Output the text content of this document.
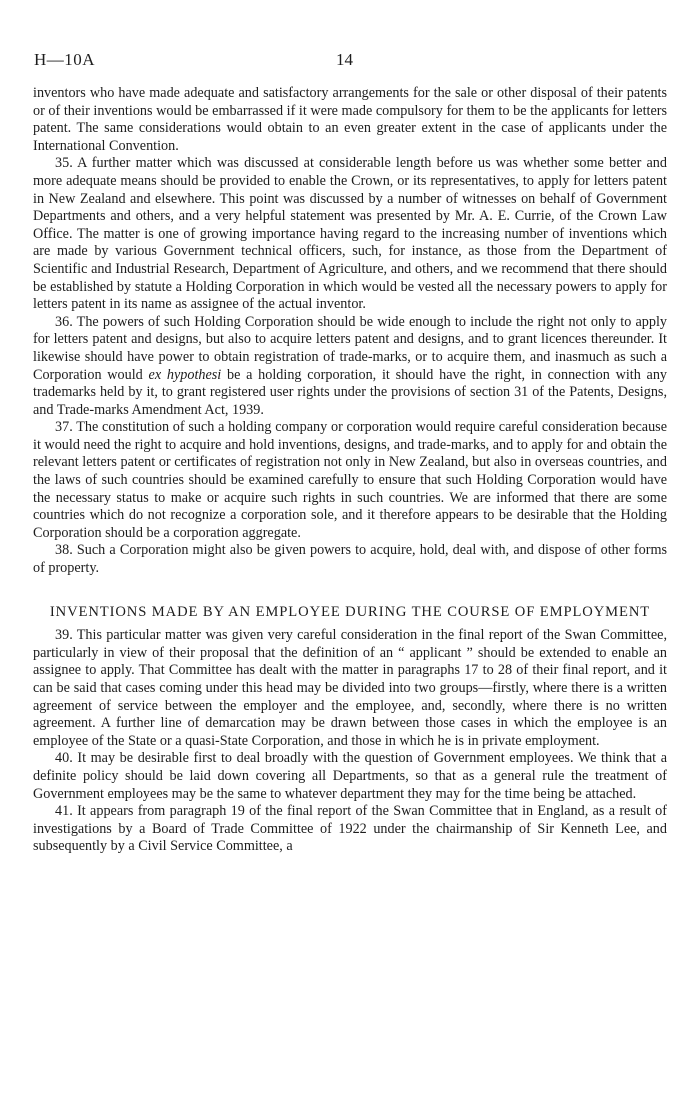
H—10A	14

inventors who have made adequate and satisfactory arrangements for the sale or other disposal of their patents or of their inventions would be embarrassed if it were made compulsory for them to be the applicants for letters patent. The same considerations would obtain to an even greater extent in the case of applicants under the International Convention.

35. A further matter which was discussed at considerable length before us was whether some better and more adequate means should be provided to enable the Crown, or its representatives, to apply for letters patent in New Zealand and elsewhere. This point was discussed by a number of witnesses on behalf of Government Departments and others, and a very helpful statement was presented by Mr. A. E. Currie, of the Crown Law Office. The matter is one of growing importance having regard to the increasing number of inventions which are made by various Government technical officers, such, for instance, as those from the Department of Scientific and Industrial Research, Department of Agriculture, and others, and we recommend that there should be established by statute a Holding Corporation in which would be vested all the necessary powers to apply for letters patent in its name as assignee of the actual inventor.

36. The powers of such Holding Corporation should be wide enough to include the right not only to apply for letters patent and designs, but also to acquire letters patent and designs, and to grant licences thereunder. It likewise should have power to obtain registration of trade-marks, or to acquire them, and inasmuch as such a Corporation would ex hypothesi be a holding corporation, it should have the right, in connection with any trademarks held by it, to grant registered user rights under the provisions of section 31 of the Patents, Designs, and Trade-marks Amendment Act, 1939.

37. The constitution of such a holding company or corporation would require careful consideration because it would need the right to acquire and hold inventions, designs, and trade-marks, and to apply for and obtain the relevant letters patent or certificates of registration not only in New Zealand, but also in overseas countries, and the laws of such countries should be examined carefully to ensure that such Holding Corporation would have the necessary status to make or acquire such rights in such countries. We are informed that there are some countries which do not recognize a corporation sole, and it therefore appears to be desirable that the Holding Corporation should be a corporation aggregate.

38. Such a Corporation might also be given powers to acquire, hold, deal with, and dispose of other forms of property.

INVENTIONS MADE BY AN EMPLOYEE DURING THE COURSE OF EMPLOYMENT

39. This particular matter was given very careful consideration in the final report of the Swan Committee, particularly in view of their proposal that the definition of an “ applicant ” should be extended to enable an assignee to apply. That Committee has dealt with the matter in paragraphs 17 to 28 of their final report, and it can be said that cases coming under this head may be divided into two groups—firstly, where there is a written agreement of service between the employer and the employee, and, secondly, where there is no written agreement. A further line of demarcation may be drawn between those cases in which the employee is an employee of the State or a quasi-State Corporation, and those in which he is in private employment.

40. It may be desirable first to deal broadly with the question of Government employees. We think that a definite policy should be laid down covering all Departments, so that as a general rule the treatment of Government employees may be the same to whatever department they may for the time being be attached.

41. It appears from paragraph 19 of the final report of the Swan Committee that in England, as a result of investigations by a Board of Trade Committee of 1922 under the chairmanship of Sir Kenneth Lee, and subsequently by a Civil Service Committee, a
